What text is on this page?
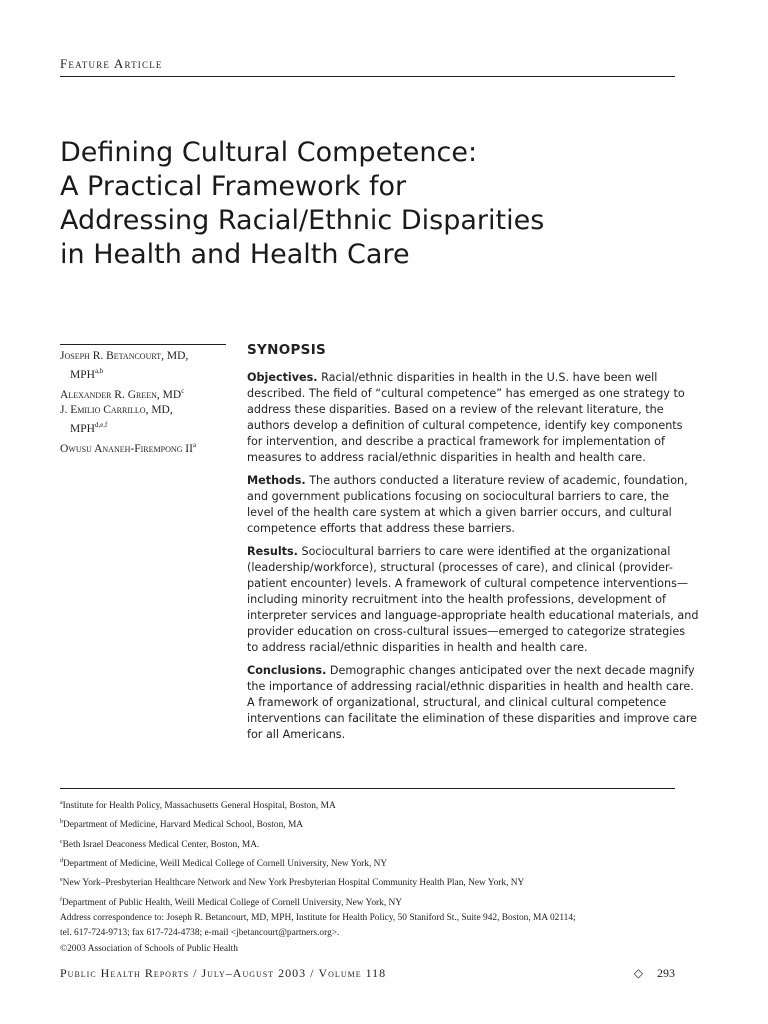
Feature Article
Defining Cultural Competence:
A Practical Framework for
Addressing Racial/Ethnic Disparities
in Health and Health Care
Joseph R. Betancourt, MD,
MPH$^{a,b}$
Alexander R. Green, $MD^c$
J. Emilio Carrillo, MD,
MPH$^{d,e,f}$
Owusu Ananeh-Firempong $II^a$
SYNOPSIS
Objectives. Racial/ethnic disparities in health in the U.S. have been well
described. The field of “cultural competence” has emerged as one strategy to
address these disparities. Based on a review of the relevant literature, the
authors develop a definition of cultural competence, identify key components
for intervention, and describe a practical framework for implementation of
measures to address racial/ethnic disparities in health and health care.
Methods. The authors conducted a literature review of academic, foundation,
and government publications focusing on sociocultural barriers to care, the
level of the health care system at which a given barrier occurs, and cultural
competence efforts that address these barriers.
Results. Sociocultural barriers to care were identified at the organizational
(leadership/workforce), structural (processes of care), and clinical (provider-
patient encounter) levels. A framework of cultural competence interventions—
including minority recruitment into the health professions, development of
interpreter services and language-appropriate health educational materials, and
provider education on cross-cultural issues—emerged to categorize strategies
to address racial/ethnic disparities in health and health care.
Conclusions. Demographic changes anticipated over the next decade magnify
the importance of addressing racial/ethnic disparities in health and health care.
A framework of organizational, structural, and clinical cultural competence
interventions can facilitate the elimination of these disparities and improve care
for all Americans.
$^a$Institute for Health Policy, Massachusetts General Hospital, Boston, MA
$^b$Department of Medicine, Harvard Medical School, Boston, MA
$^c$Beth Israel Deaconess Medical Center, Boston, MA.
$^d$Department of Medicine, Weill Medical College of Cornell University, New York, NY
$^e$New York–Presbyterian Healthcare Network and New York Presbyterian Hospital Community Health Plan, New York, NY
$^f$Department of Public Health, Weill Medical College of Cornell University, New York, NY
Address correspondence to: Joseph R. Betancourt, MD, MPH, Institute for Health Policy, 50 Staniford St., Suite 942, Boston, MA 02114;
tel. 617-724-9713; fax 617-724-4738; e-mail <jbetancourt@partners.org>.
©2003 Association of Schools of Public Health
Public Health Reports / July–August 2003 / Volume 118	◇ 293
